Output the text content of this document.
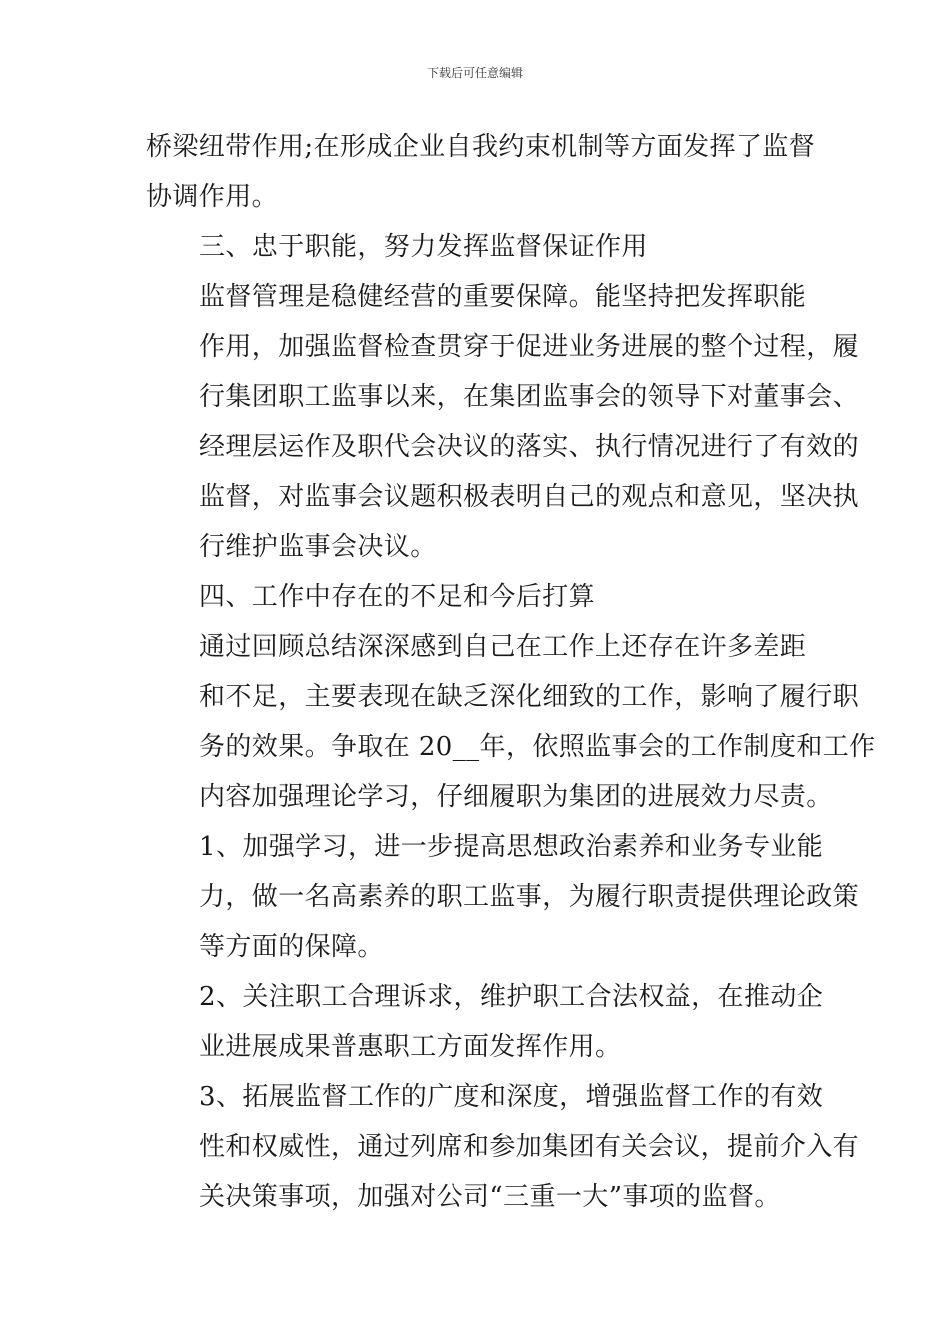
下载后可任意编辑

桥梁纽带作用;在形成企业自我约束机制等方面发挥了监督
协调作用。

三、忠于职能，努力发挥监督保证作用

监督管理是稳健经营的重要保障。能坚持把发挥职能
作用，加强监督检查贯穿于促进业务进展的整个过程，履
行集团职工监事以来，在集团监事会的领导下对董事会、
经理层运作及职代会决议的落实、执行情况进行了有效的
监督，对监事会议题积极表明自己的观点和意见，坚决执
行维护监事会决议。

四、工作中存在的不足和今后打算

通过回顾总结深深感到自己在工作上还存在许多差距
和不足，主要表现在缺乏深化细致的工作，影响了履行职
务的效果。争取在 20__年，依照监事会的工作制度和工作
内容加强理论学习，仔细履职为集团的进展效力尽责。

1、加强学习，进一步提高思想政治素养和业务专业能
力，做一名高素养的职工监事，为履行职责提供理论政策
等方面的保障。

2、关注职工合理诉求，维护职工合法权益，在推动企
业进展成果普惠职工方面发挥作用。

3、拓展监督工作的广度和深度，增强监督工作的有效
性和权威性，通过列席和参加集团有关会议，提前介入有
关决策事项，加强对公司“三重一大”事项的监督。
